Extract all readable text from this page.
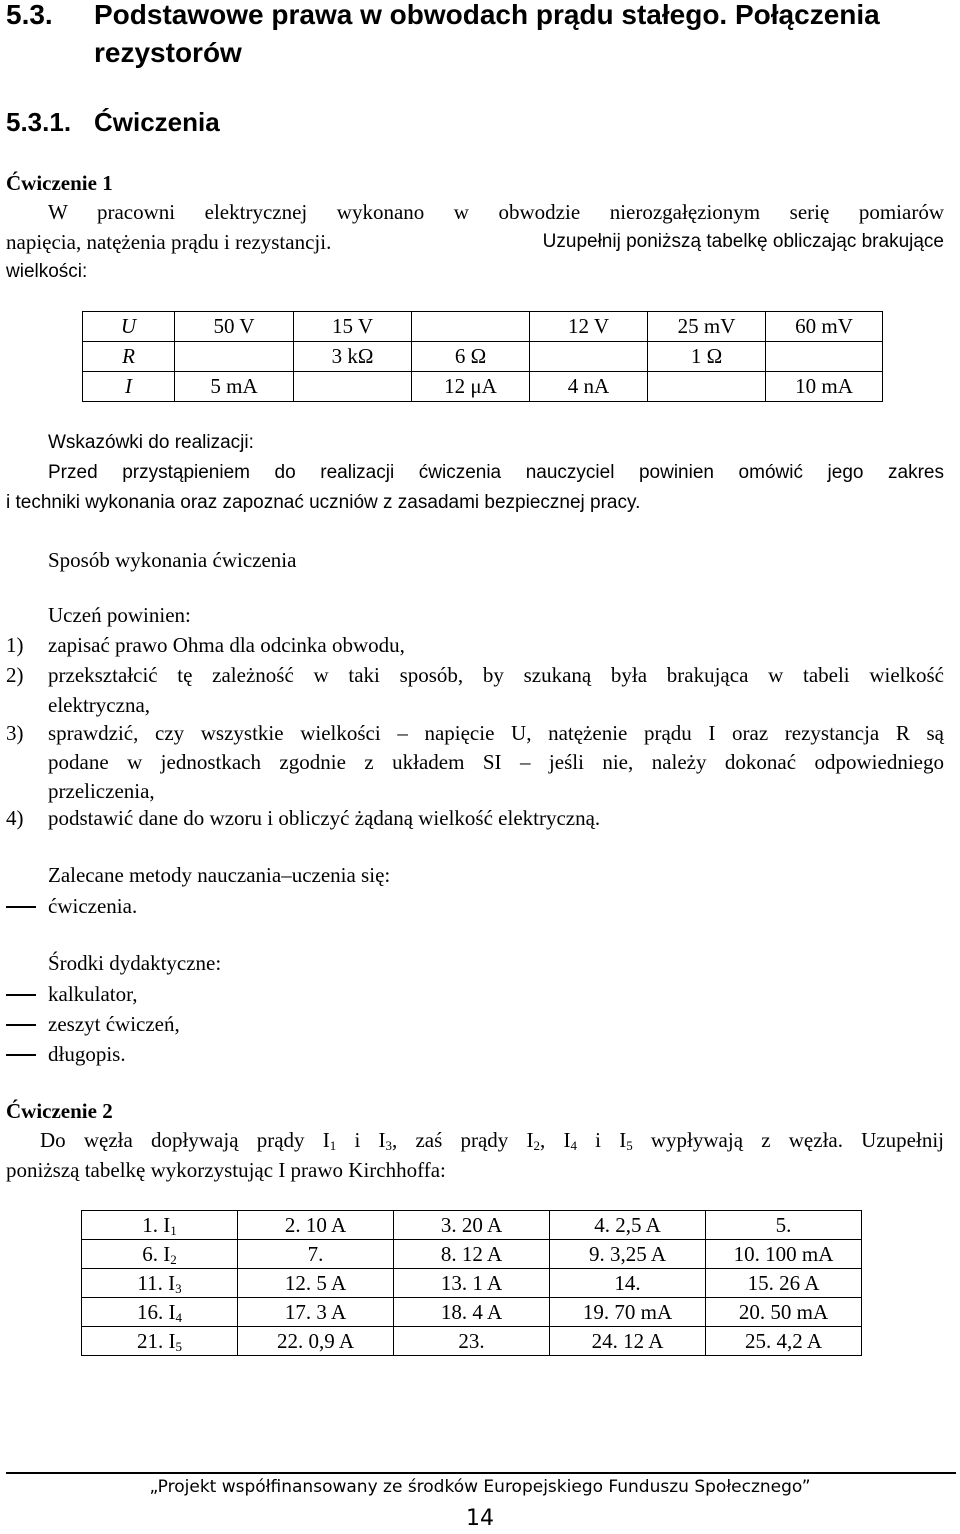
5.3. Podstawowe prawa w obwodach prądu stałego. Połączenia rezystorów
5.3.1. Ćwiczenia
Ćwiczenie 1
W pracowni elektrycznej wykonano w obwodzie nierozgałęzionym serię pomiarów
napięcia, natężenia prądu i rezystancji.	Uzupełnij poniższą tabelkę obliczając brakujące
wielkości:
U	50 V	15 V		12 V	25 mV	60 mV
R		3 kΩ	6 Ω		1 Ω	
I	5 mA		12 μA	4 nA		10 mA
Wskazówki do realizacji:
Przed przystąpieniem do realizacji ćwiczenia nauczyciel powinien omówić jego zakres
i techniki wykonania oraz zapoznać uczniów z zasadami bezpiecznej pracy.
Sposób wykonania ćwiczenia
Uczeń powinien:
1) zapisać prawo Ohma dla odcinka obwodu,
2) przekształcić tę zależność w taki sposób, by szukaną była brakująca w tabeli wielkość
elektryczna,
3) sprawdzić, czy wszystkie wielkości – napięcie U, natężenie prądu I oraz rezystancja R są
podane w jednostkach zgodnie z układem SI – jeśli nie, należy dokonać odpowiedniego
przeliczenia,
4) podstawić dane do wzoru i obliczyć żądaną wielkość elektryczną.
Zalecane metody nauczania–uczenia się:
ćwiczenia.
Środki dydaktyczne:
kalkulator,
zeszyt ćwiczeń,
długopis.
Ćwiczenie 2
Do węzła dopływają prądy $I_1$ i $I_3$, zaś prądy $I_2$, $I_4$ i $I_5$ wypływają z węzła. Uzupełnij
poniższą tabelkę wykorzystując I prawo Kirchhoffa:
1. $I_1$	2. 10 A	3. 20 A	4. 2,5 A	5.
6. $I_2$	7.	8. 12 A	9. 3,25 A	10. 100 mA
11. $I_3$	12. 5 A	13. 1 A	14.	15. 26 A
16. $I_4$	17. 3 A	18. 4 A	19. 70 mA	20. 50 mA
21. $I_5$	22. 0,9 A	23.	24. 12 A	25. 4,2 A
„Projekt współfinansowany ze środków Europejskiego Funduszu Społecznego”
14
